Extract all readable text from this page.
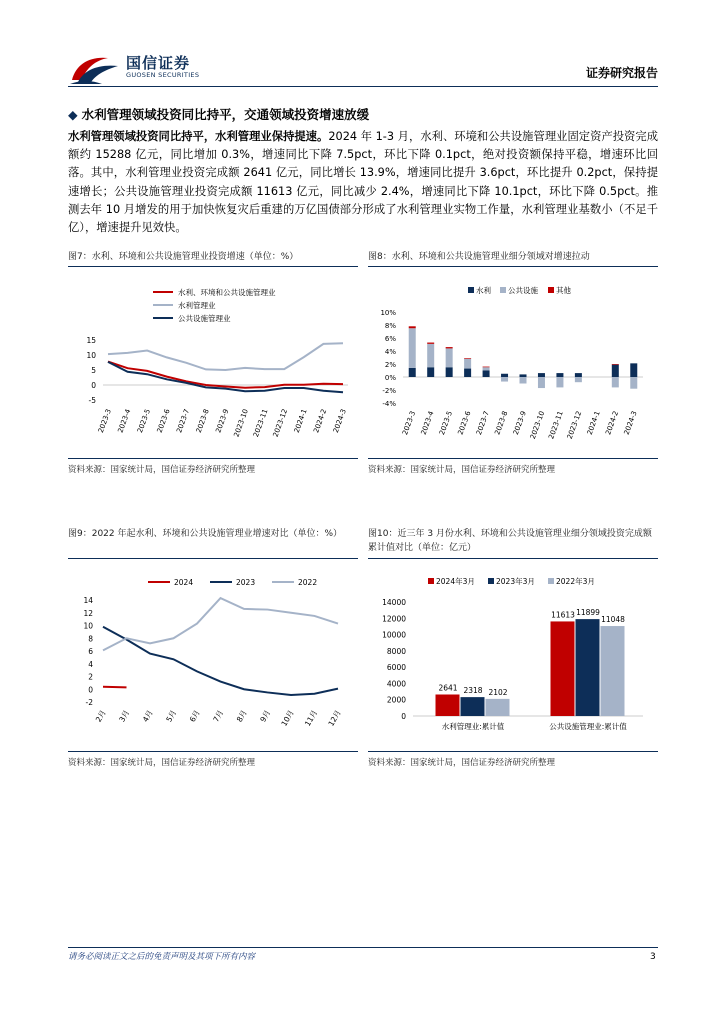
国信证券
GUOSEN SECURITIES	证券研究报告
◆ 水利管理领域投资同比持平，交通领域投资增速放缓
水利管理领域投资同比持平，水利管理业保持提速。2024 年 1-3 月，水利、环境和公共设施管理业固定资产投资完成额约 15288 亿元，同比增加 0.3%，增速同比下降 7.5pct，环比下降 0.1pct，绝对投资额保持平稳，增速环比回落。其中，水利管理业投资完成额 2641 亿元，同比增长 13.9%，增速同比提升 3.6pct，环比提升 0.2pct，保持提速增长；公共设施管理业投资完成额 11613 亿元，同比减少 2.4%，增速同比下降 10.1pct，环比下降 0.5pct。推测去年 10 月增发的用于加快恢复灾后重建的万亿国债部分形成了水利管理业实物工作量，水利管理业基数小（不足千亿），增速提升见效快。
图7：水利、环境和公共设施管理业投资增速（单位：%）
水利、环境和公共设施管理业
水利管理业
公共设施管理业
-5
0
5
10
15
2023-3 2023-4 2023-5 2023-6 2023-7 2023-8 2023-9 2023-10 2023-11 2023-12 2024-1 2024-2 2024-3
资料来源：国家统计局，国信证券经济研究所整理
图8：水利、环境和公共设施管理业细分领域对增速拉动
水利 公共设施 其他
-4%
-2%
0%
2%
4%
6%
8%
10%
2023-3 2023-4 2023-5 2023-6 2023-7 2023-8 2023-9 2023-10 2023-11 2023-12 2024-1 2024-2 2024-3
资料来源：国家统计局，国信证券经济研究所整理
图9：2022 年起水利、环境和公共设施管理业增速对比（单位：%）
2024	2023	2022
-2
0
2
4
6
8
10
12
14
2月 3月 4月 5月 6月 7月 8月 9月 10月 11月 12月
资料来源：国家统计局，国信证券经济研究所整理
图10：近三年 3 月份水利、环境和公共设施管理业细分领域投资完成额累计值对比（单位：亿元）
2024年3月	2023年3月	2022年3月
0
2000
4000
6000
8000
10000
12000
14000
2641 2318 2102
水利管理业:累计值
11613 11899
11048
公共设施管理业:累计值
资料来源：国家统计局，国信证券经济研究所整理
请务必阅读正文之后的免责声明及其项下所有内容	3
